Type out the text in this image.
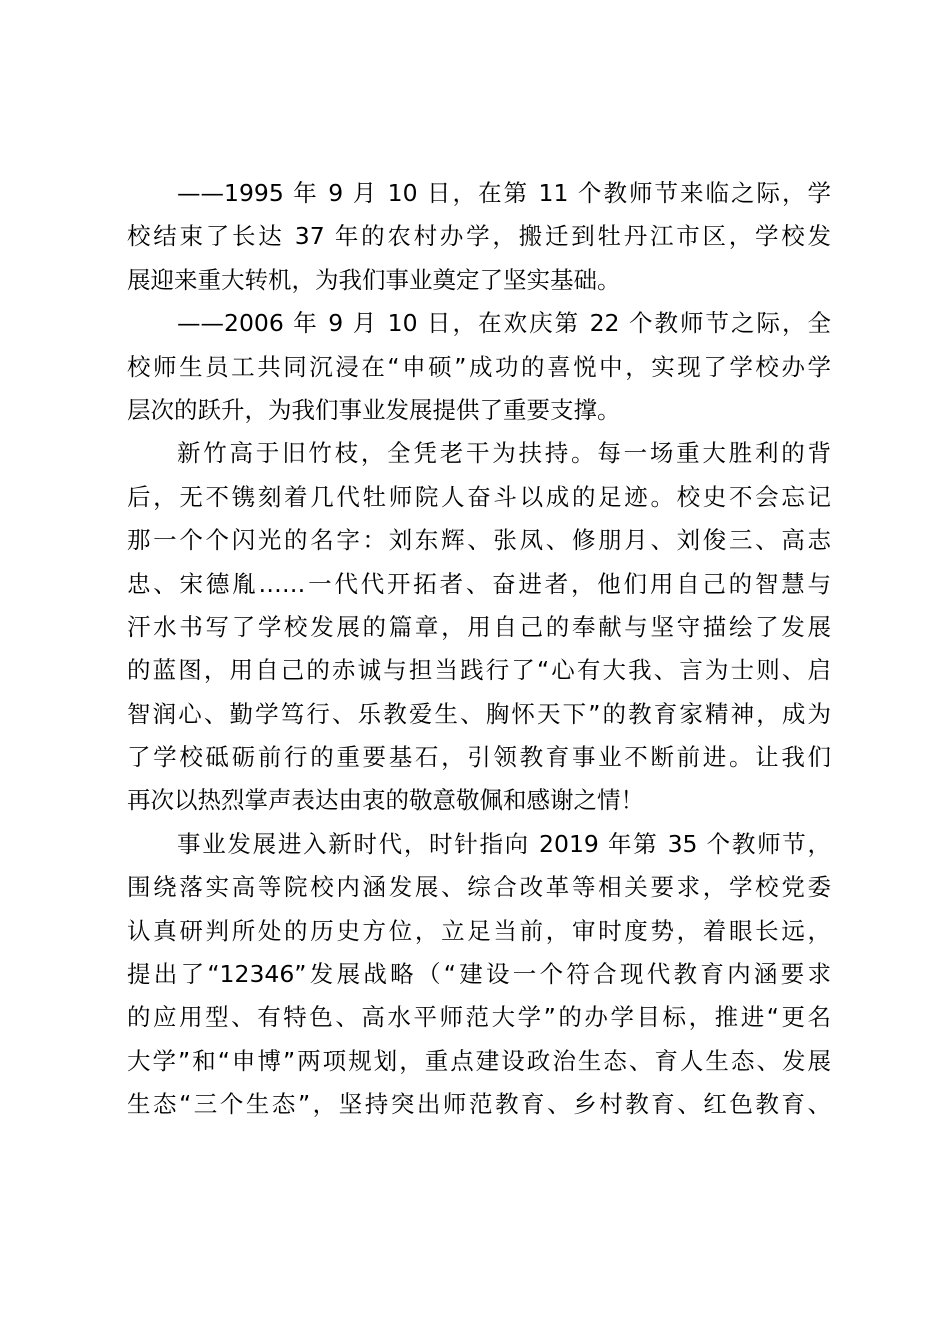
——1995 年 9 月 10 日，在第 11 个教师节来临之际，学
校结束了长达 37 年的农村办学，搬迁到牡丹江市区，学校发
展迎来重大转机，为我们事业奠定了坚实基础。
——2006 年 9 月 10 日，在欢庆第 22 个教师节之际，全
校师生员工共同沉浸在“申硕”成功的喜悦中，实现了学校办学
层次的跃升，为我们事业发展提供了重要支撑。
新竹高于旧竹枝，全凭老干为扶持。每一场重大胜利的背
后，无不镌刻着几代牡师院人奋斗以成的足迹。校史不会忘记
那一个个闪光的名字：刘东辉、张凤、修朋月、刘俊三、高志
忠、宋德胤……一代代开拓者、奋进者，他们用自己的智慧与
汗水书写了学校发展的篇章，用自己的奉献与坚守描绘了发展
的蓝图，用自己的赤诚与担当践行了“心有大我、言为士则、启
智润心、勤学笃行、乐教爱生、胸怀天下”的教育家精神，成为
了学校砥砺前行的重要基石，引领教育事业不断前进。让我们
再次以热烈掌声表达由衷的敬意敬佩和感谢之情！
事业发展进入新时代，时针指向 2019 年第 35 个教师节，
围绕落实高等院校内涵发展、综合改革等相关要求，学校党委
认真研判所处的历史方位，立足当前，审时度势，着眼长远，
提出了“12346”发展战略（“建设一个符合现代教育内涵要求
的应用型、有特色、高水平师范大学”的办学目标，推进“更名
大学”和“申博”两项规划，重点建设政治生态、育人生态、发展
生态“三个生态”，坚持突出师范教育、乡村教育、红色教育、
